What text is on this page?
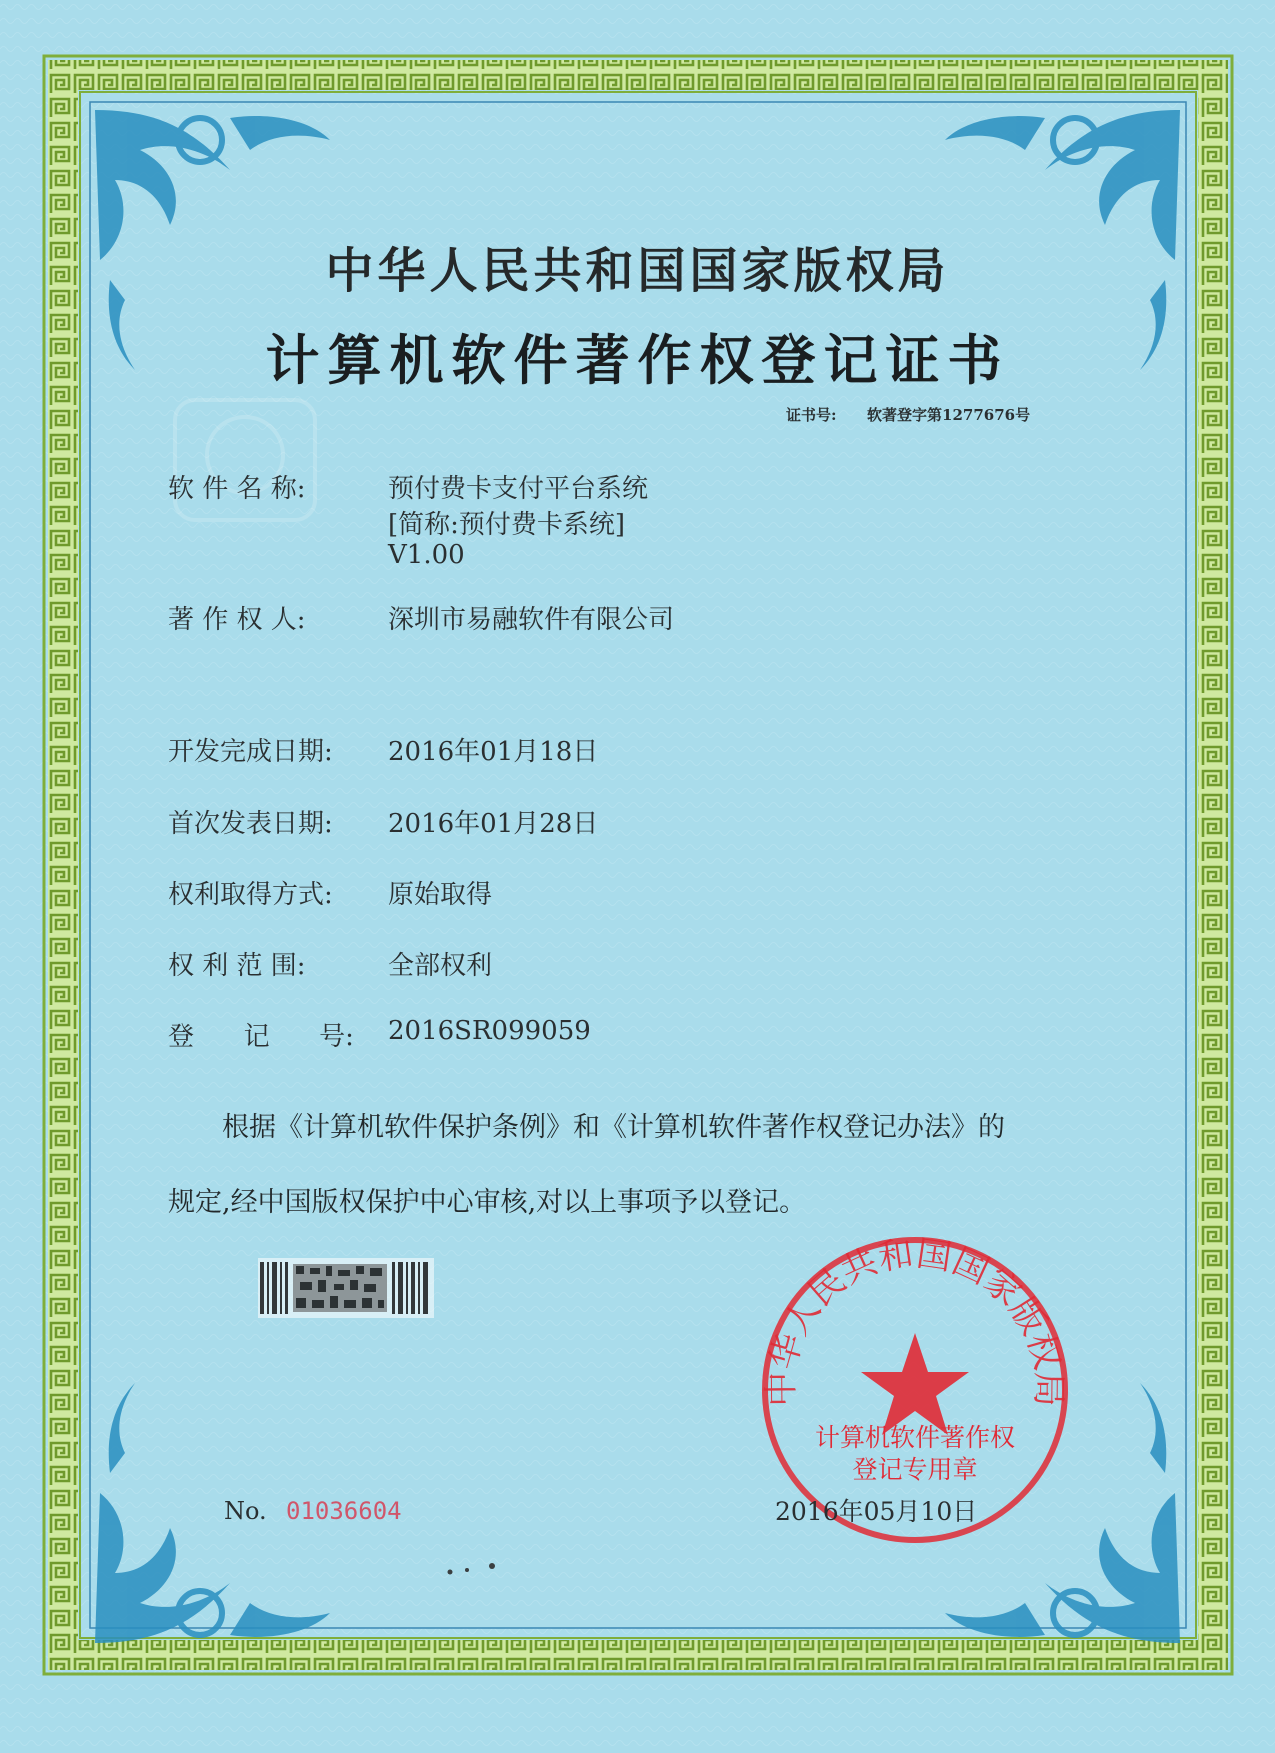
中华人民共和国国家版权局
中华人民共和国国家版权局
计算机软件著作权登记证书
证书号: 软著登字第1277676号
软 件 名 称:	预付费卡支付平台系统
[简称:预付费卡系统]
V1.00
著 作 权 人:	深圳市易融软件有限公司
开发完成日期:	2016年01月18日
首次发表日期:	2016年01月28日
权利取得方式:	原始取得
权 利 范 围:	全部权利
登      记      号: 2016SR099059
根据《计算机软件保护条例》和《计算机软件著作权登记办法》的
规定,经中国版权保护中心审核,对以上事项予以登记。
计算机软件著作权
登记专用章
No. 01036604	2016年05月10日
